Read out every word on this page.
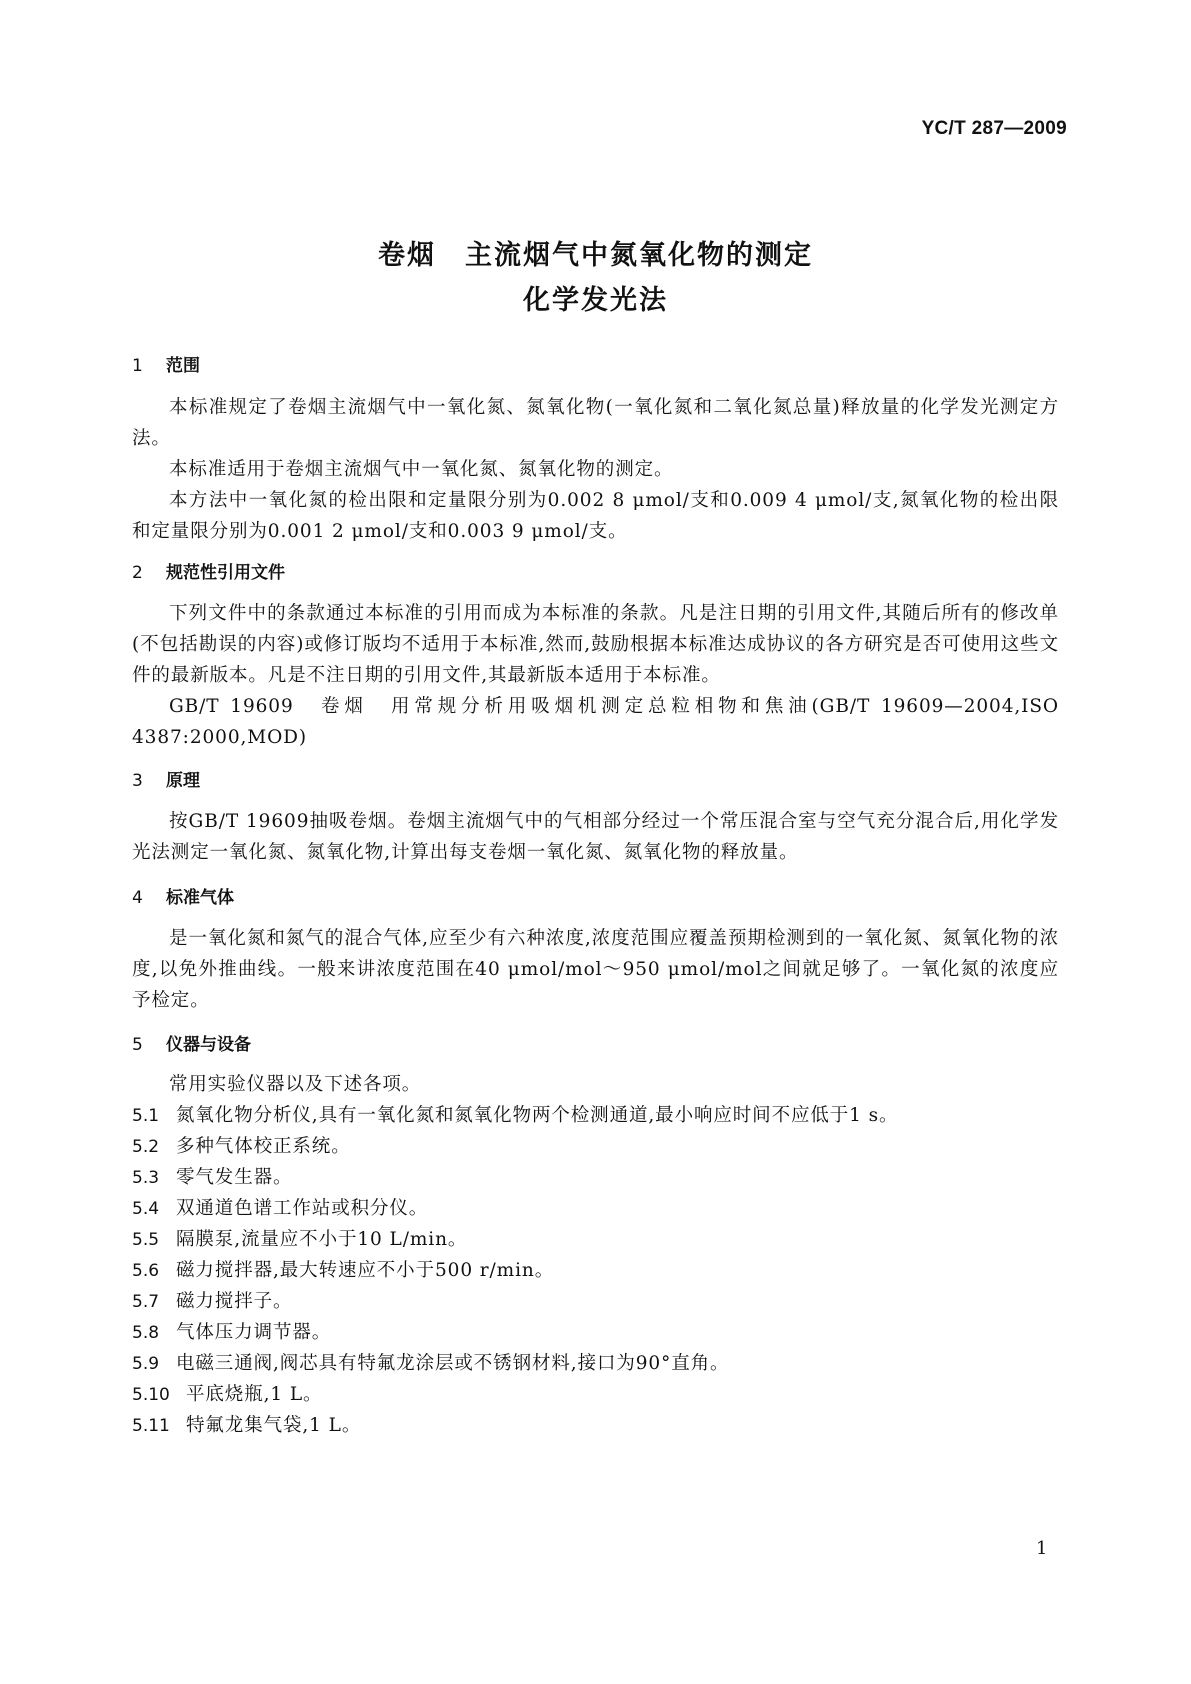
YC/T 287—2009
卷烟　主流烟气中氮氧化物的测定
化学发光法
1 范围

本标准规定了卷烟主流烟气中一氧化氮、氮氧化物(一氧化氮和二氧化氮总量)释放量的化学发光测定方法。

本标准适用于卷烟主流烟气中一氧化氮、氮氧化物的测定。

本方法中一氧化氮的检出限和定量限分别为0.002 8 μmol/支和0.009 4 μmol/支,氮氧化物的检出限和定量限分别为0.001 2 μmol/支和0.003 9 μmol/支。

2 规范性引用文件

下列文件中的条款通过本标准的引用而成为本标准的条款。凡是注日期的引用文件,其随后所有的修改单(不包括勘误的内容)或修订版均不适用于本标准,然而,鼓励根据本标准达成协议的各方研究是否可使用这些文件的最新版本。凡是不注日期的引用文件,其最新版本适用于本标准。

GB/T 19609　卷烟　用常规分析用吸烟机测定总粒相物和焦油(GB/T 19609—2004,ISO 4387:2000,MOD)

3 原理

按GB/T 19609抽吸卷烟。卷烟主流烟气中的气相部分经过一个常压混合室与空气充分混合后,用化学发光法测定一氧化氮、氮氧化物,计算出每支卷烟一氧化氮、氮氧化物的释放量。

4 标准气体

是一氧化氮和氮气的混合气体,应至少有六种浓度,浓度范围应覆盖预期检测到的一氧化氮、氮氧化物的浓度,以免外推曲线。一般来讲浓度范围在40 μmol/mol～950 μmol/mol之间就足够了。一氧化氮的浓度应予检定。

5 仪器与设备

常用实验仪器以及下述各项。

5.1 氮氧化物分析仪,具有一氧化氮和氮氧化物两个检测通道,最小响应时间不应低于1 s。
5.2 多种气体校正系统。
5.3 零气发生器。
5.4 双通道色谱工作站或积分仪。
5.5 隔膜泵,流量应不小于10 L/min。
5.6 磁力搅拌器,最大转速应不小于500 r/min。
5.7 磁力搅拌子。
5.8 气体压力调节器。
5.9 电磁三通阀,阀芯具有特氟龙涂层或不锈钢材料,接口为90°直角。
5.10 平底烧瓶,1 L。
5.11 特氟龙集气袋,1 L。
1
